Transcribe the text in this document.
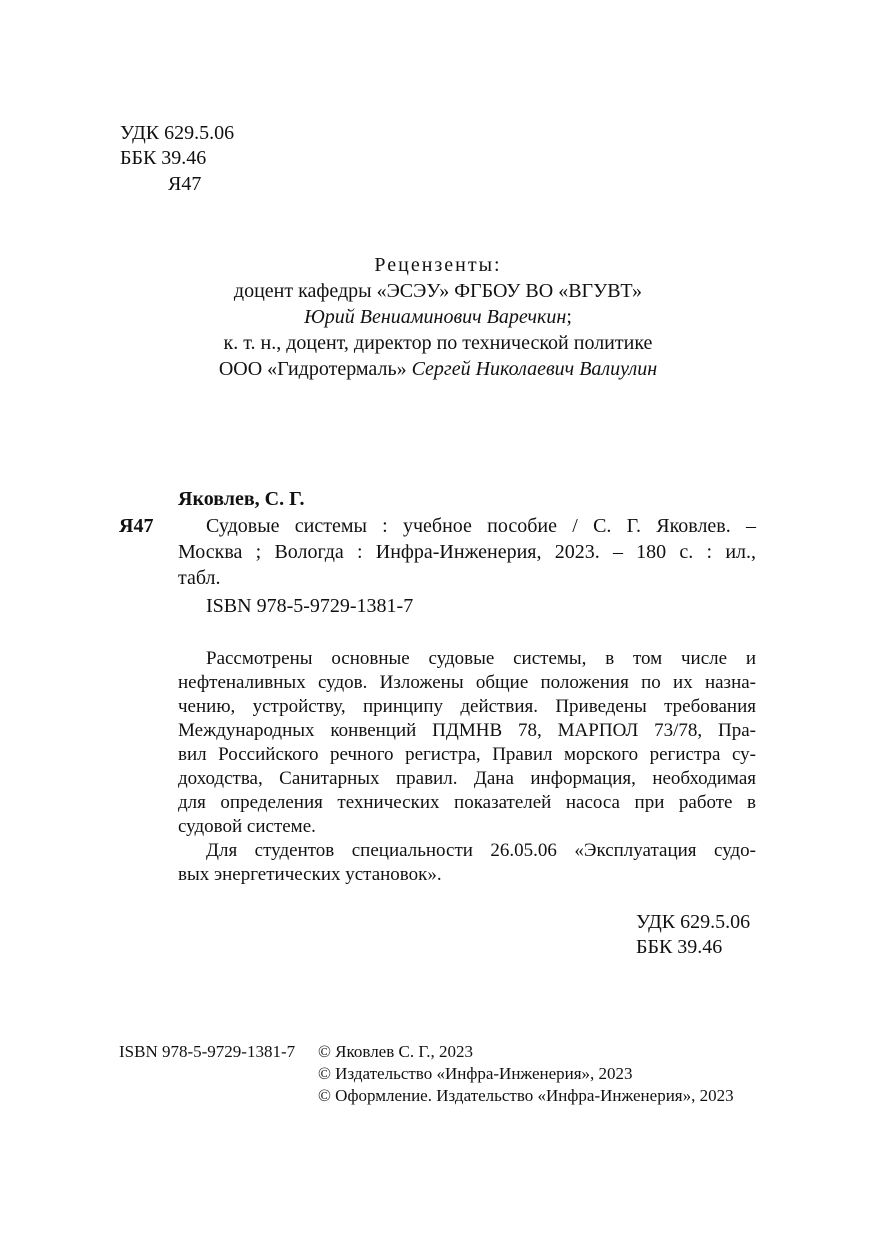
УДК 629.5.06
ББК 39.46
Я47
Рецензенты:
доцент кафедры «ЭСЭУ» ФГБОУ ВО «ВГУВТ»
Юрий Вениаминович Варечкин;
к. т. н., доцент, директор по технической политике
ООО «Гидротермаль» Сергей Николаевич Валиулин
Яковлев, С. Г.
Я47	Судовые системы : учебное пособие / С. Г. Яковлев. –
Москва ; Вологда : Инфра-Инженерия, 2023. – 180 с. : ил.,
табл.
ISBN 978-5-9729-1381-7
Рассмотрены основные судовые системы, в том числе и
нефтеналивных судов. Изложены общие положения по их назна-
чению, устройству, принципу действия. Приведены требования
Международных конвенций ПДМНВ 78, МАРПОЛ 73/78, Пра-
вил Российского речного регистра, Правил морского регистра су-
доходства, Санитарных правил. Дана информация, необходимая
для определения технических показателей насоса при работе в
судовой системе.
Для студентов специальности 26.05.06 «Эксплуатация судо-
вых энергетических установок».
УДК 629.5.06
ББК 39.46
ISBN 978-5-9729-1381-7 © Яковлев С. Г., 2023
© Издательство «Инфра-Инженерия», 2023
© Оформление. Издательство «Инфра-Инженерия», 2023
